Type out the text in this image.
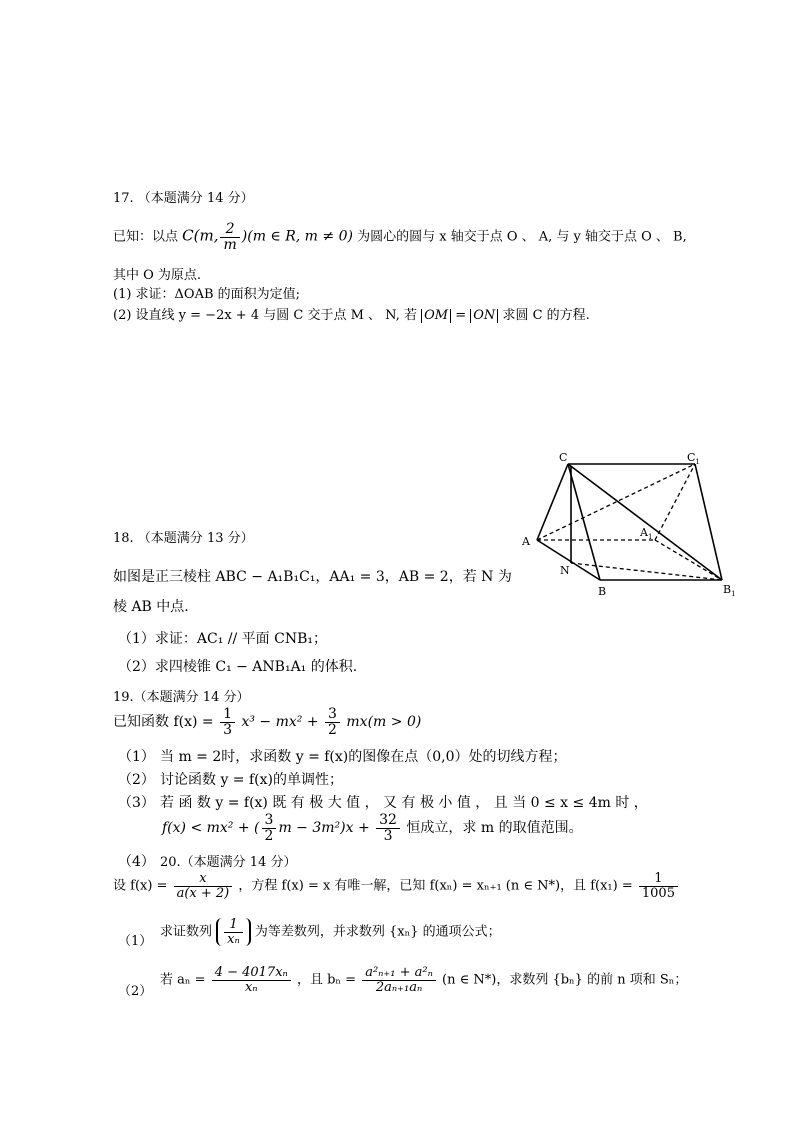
17. （本题满分 14 分）
已知：以点 C(m, $\frac{2}{m} )(m$ ∈ R, m ≠ 0) 为圆心的圆与 x 轴交于点 O 、 A, 与 y 轴交于点 O 、 B,
其中 O 为原点.
(1) 求证：ΔOAB 的面积为定值;
(2) 设直线 y = −2x + 4 与圆 C 交于点 M 、 N, 若 OM = ON 求圆 C 的方程.
C	$C_1$
A
$A_1$
N
B	$B_1$
18. （本题满分 13 分）
如图是正三棱柱 ABC − A₁B₁C₁，AA₁ = 3，AB = 2，若 N 为
棱 AB 中点.
（1）求证：AC₁ // 平面 CNB₁；
（2）求四棱锥 C₁ − ANB₁A₁ 的体积.
19.（本题满分 14 分）
已知函数 $f(x) = \frac{1}{3} x^3 - mx^2 + \frac{3}{2} mx(m > 0)$
（1） 当 m = 2时，求函数 y = f(x)的图像在点（0,0）处的切线方程；
（2） 讨论函数 y = f(x)的单调性；
（3） 若 函 数 y = f(x) 既 有 极 大 值 ， 又 有 极 小 值 ， 且 当 0 ≤ x ≤ 4m 时 ，
f(x) < mx² + ( $\frac{3}{2}$ $m - 3m^2)x + \frac{32}{3}$ 恒成立，求 m 的取值范围。
（4） 20.（本题满分 14 分）
设 $f(x) = \frac{x}{a(x + 2)}$ ，方程 f(x) = x 有唯一解，已知 f(xₙ) = xₙ₊₁ (n ∈ N*)，且 $f(x_1) = \frac{1}{1005}$
（1）
求证数列 $\frac{1}{\text{xₙ}}$ 为等差数列，并求数列 {xₙ} 的通项公式；
（2）
若 $a_n = \frac{\text{4 − 4017xₙ}}{\text{xₙ}}$ ，且 $b_n = \frac{\text{a²ₙ₊₁ + a²ₙ}}{\text{2aₙ₊₁aₙ}} (n$ ∈ N*)，求数列 {bₙ} 的前 n 项和 Sₙ；
